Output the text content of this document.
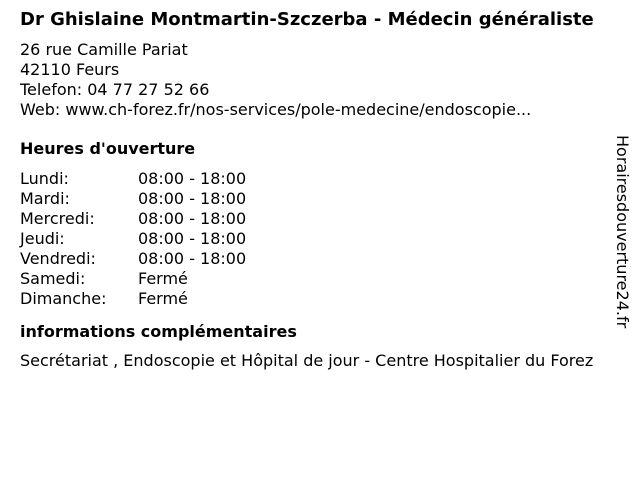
Dr Ghislaine Montmartin-Szczerba - Médecin généraliste
26 rue Camille Pariat
42110 Feurs
Telefon: 04 77 27 52 66
Web: www.ch-forez.fr/nos-services/pole-medecine/endoscopie...
Heures d'ouverture
Lundi:	08:00 - 18:00
Mardi:	08:00 - 18:00
Mercredi:	08:00 - 18:00
Jeudi:	08:00 - 18:00
Vendredi:	08:00 - 18:00
Samedi:	Fermé
Dimanche:	Fermé
informations complémentaires
Secrétariat , Endoscopie et Hôpital de jour - Centre Hospitalier du Forez
Horairesdouverture24.fr
